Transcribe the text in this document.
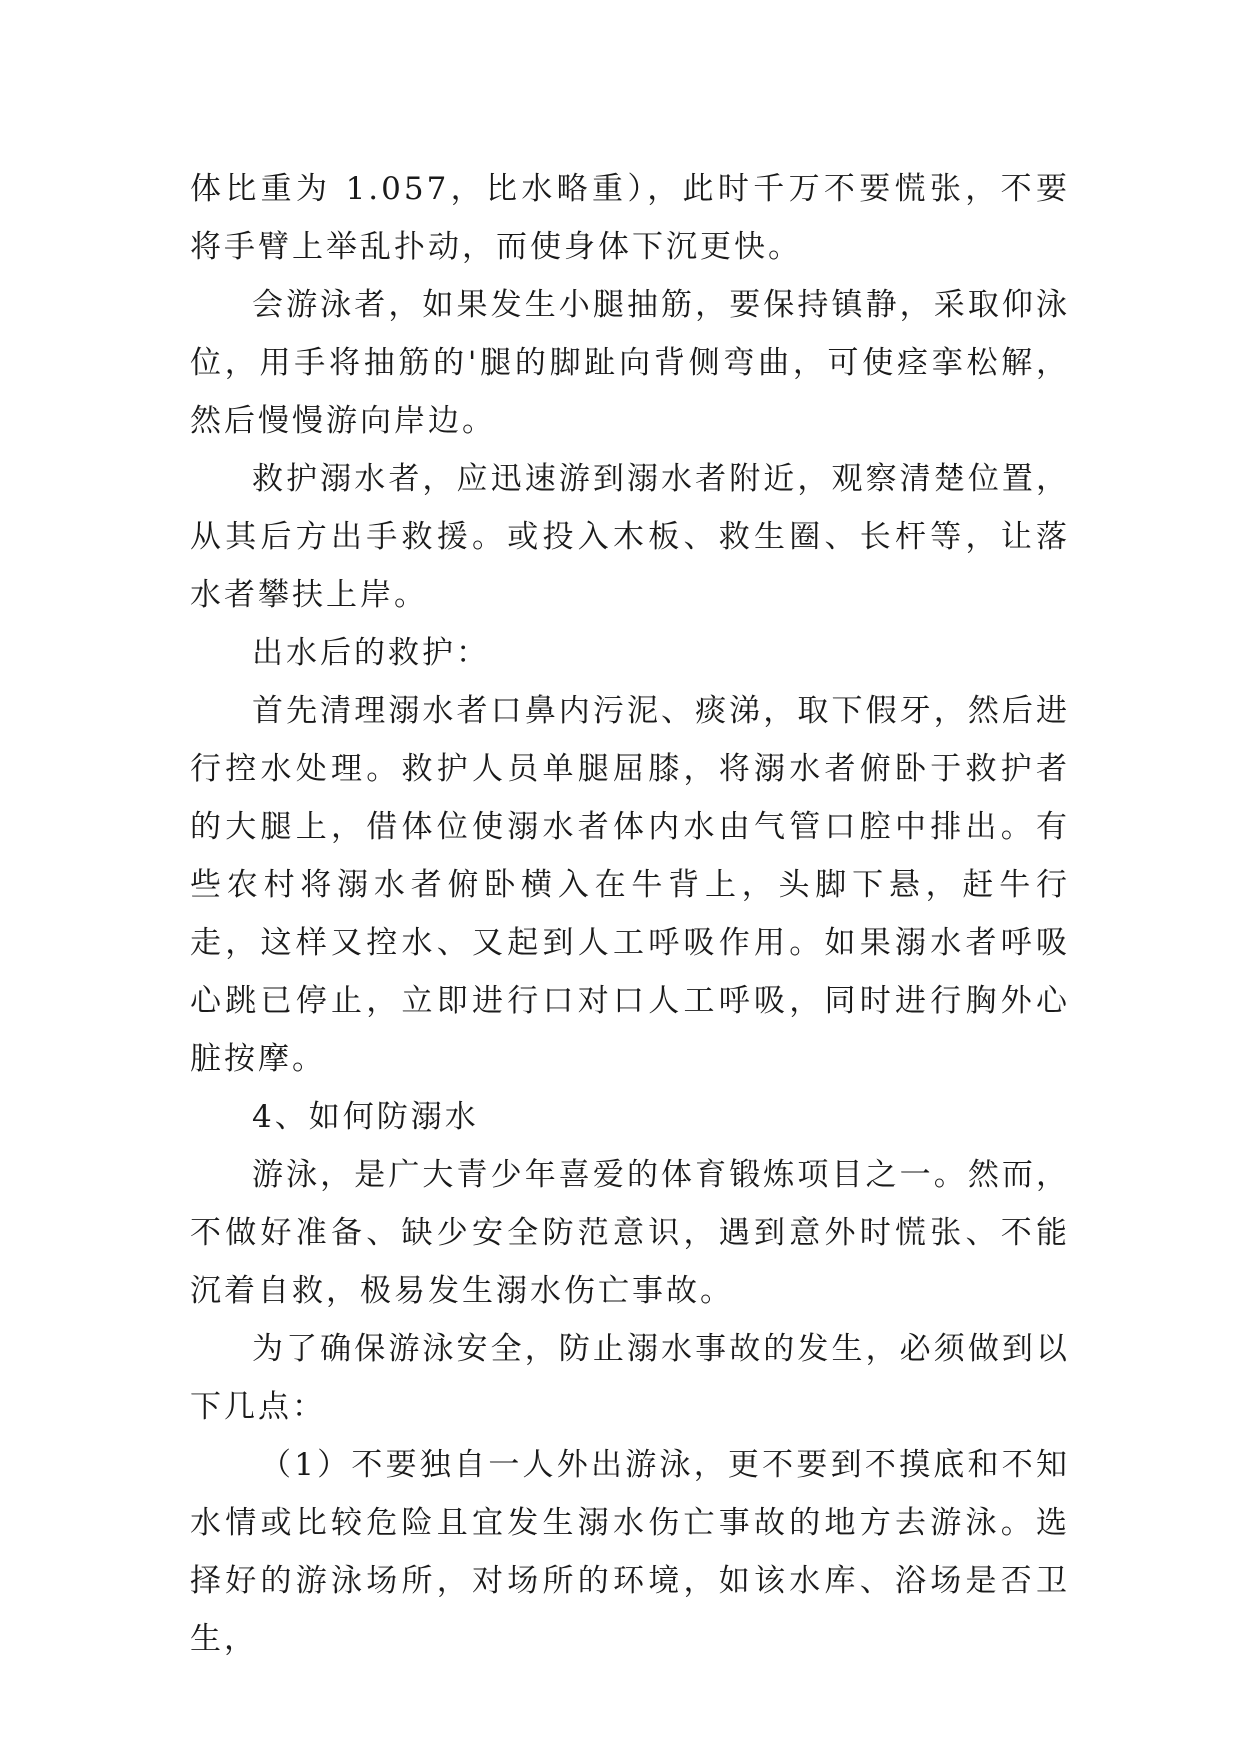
体比重为 1.057，比水略重），此时千万不要慌张，不要将手臂上举乱扑动，而使身体下沉更快。

会游泳者，如果发生小腿抽筋，要保持镇静，采取仰泳位，用手将抽筋的'腿的脚趾向背侧弯曲，可使痉挛松解，然后慢慢游向岸边。

救护溺水者，应迅速游到溺水者附近，观察清楚位置，从其后方出手救援。或投入木板、救生圈、长杆等，让落水者攀扶上岸。

出水后的救护：

首先清理溺水者口鼻内污泥、痰涕，取下假牙，然后进行控水处理。救护人员单腿屈膝，将溺水者俯卧于救护者的大腿上，借体位使溺水者体内水由气管口腔中排出。有些农村将溺水者俯卧横入在牛背上，头脚下悬，赶牛行走，这样又控水、又起到人工呼吸作用。如果溺水者呼吸心跳已停止，立即进行口对口人工呼吸，同时进行胸外心脏按摩。

4、如何防溺水

游泳，是广大青少年喜爱的体育锻炼项目之一。然而，不做好准备、缺少安全防范意识，遇到意外时慌张、不能沉着自救，极易发生溺水伤亡事故。

为了确保游泳安全，防止溺水事故的发生，必须做到以下几点：

（1）不要独自一人外出游泳，更不要到不摸底和不知水情或比较危险且宜发生溺水伤亡事故的地方去游泳。选择好的游泳场所，对场所的环境，如该水库、浴场是否卫生，
